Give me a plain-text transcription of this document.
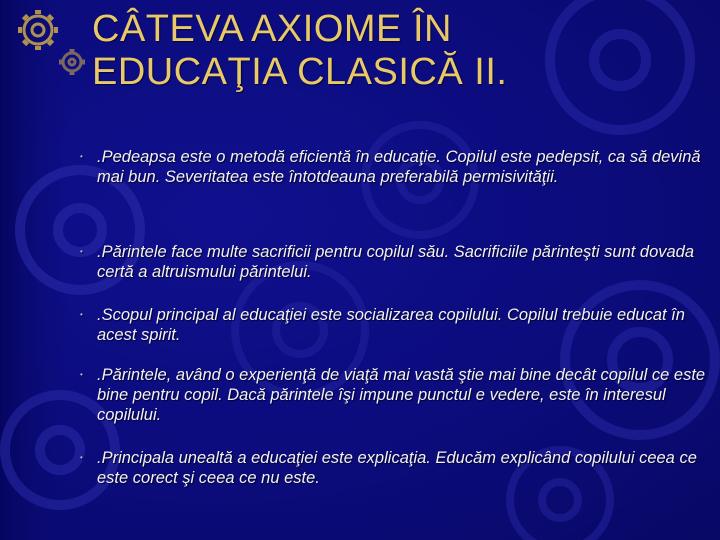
CÂTEVA AXIOME ÎN
EDUCAŢIA CLASICĂ II.
• .Pedeapsa este o metodă eficientă în educaţie. Copilul este pedepsit, ca să devină mai bun. Severitatea este întotdeauna preferabilă permisivităţii.
• .Părintele face multe sacrificii pentru copilul său. Sacrificiile părinteşti sunt dovada certă a altruismului părintelui.
• .Scopul principal al educaţiei este socializarea copilului. Copilul trebuie educat în acest spirit.
• .Părintele, având o experienţă de viaţă mai vastă ştie mai bine decât copilul ce este bine pentru copil. Dacă părintele îşi impune punctul e vedere, este în interesul copilului.
• .Principala unealtă a educaţiei este explicaţia. Educăm explicând copilului ceea ce este corect şi ceea ce nu este.
